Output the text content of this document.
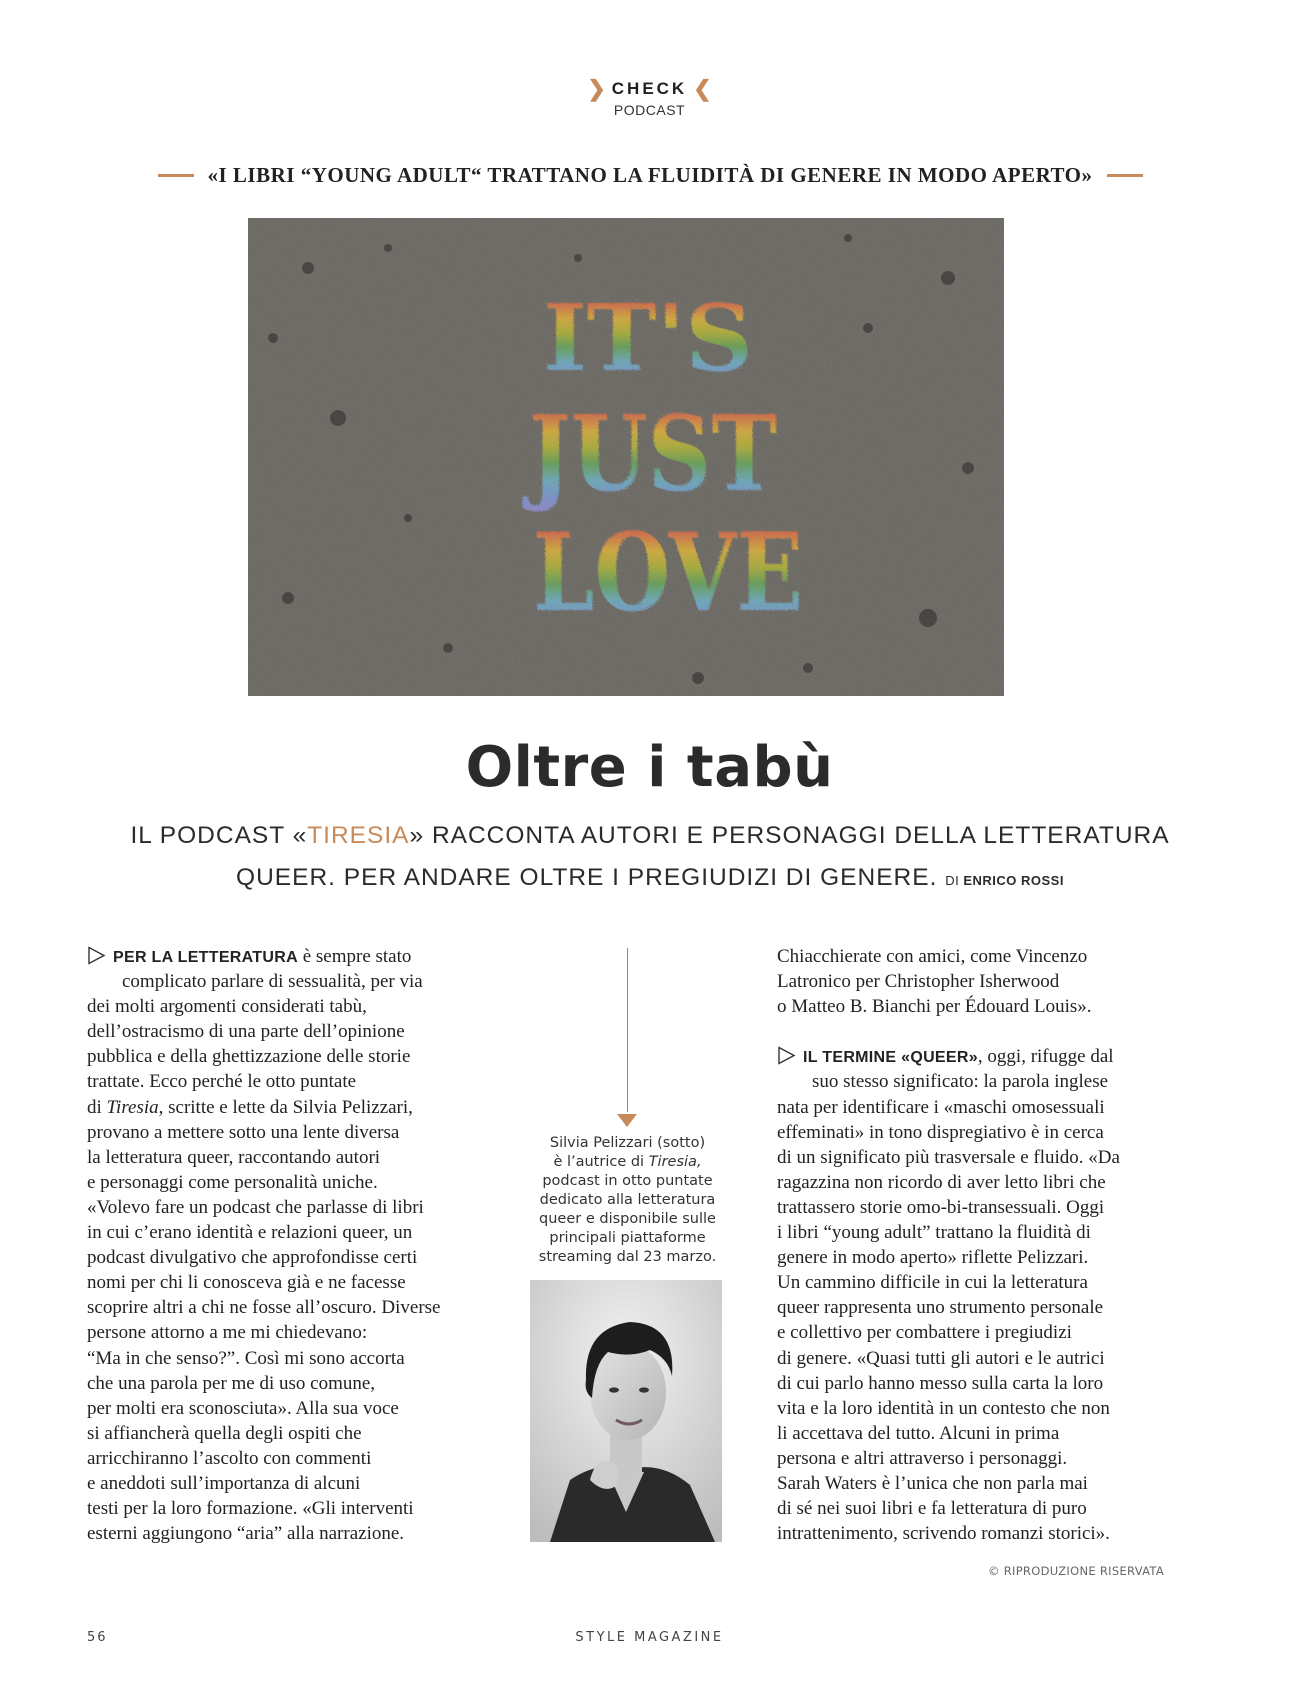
❯ CHECK ❮
PODCAST
«I LIBRI “YOUNG ADULT“ TRATTANO LA FLUIDITÀ DI GENERE IN MODO APERTO»
IT'S
JUST
LOVE
Oltre i tabù
IL PODCAST «TIRESIA» RACCONTA AUTORI E PERSONAGGI DELLA LETTERATURA
QUEER. PER ANDARE OLTRE I PREGIUDIZI DI GENERE. DI ENRICO ROSSI
PER LA LETTERATURA è sempre stato
complicato parlare di sessualità, per via
dei molti argomenti considerati tabù,
dell’ostracismo di una parte dell’opinione
pubblica e della ghettizzazione delle storie
trattate. Ecco perché le otto puntate
di Tiresia, scritte e lette da Silvia Pelizzari,
provano a mettere sotto una lente diversa
la letteratura queer, raccontando autori
e personaggi come personalità uniche.
«Volevo fare un podcast che parlasse di libri
in cui c’erano identità e relazioni queer, un
podcast divulgativo che approfondisse certi
nomi per chi li conosceva già e ne facesse
scoprire altri a chi ne fosse all’oscuro. Diverse
persone attorno a me mi chiedevano:
“Ma in che senso?”. Così mi sono accorta
che una parola per me di uso comune,
per molti era sconosciuta». Alla sua voce
si affiancherà quella degli ospiti che
arricchiranno l’ascolto con commenti
e aneddoti sull’importanza di alcuni
testi per la loro formazione. «Gli interventi
esterni aggiungono “aria” alla narrazione.
Silvia Pelizzari (sotto)
è l’autrice di Tiresia,
podcast in otto puntate
dedicato alla letteratura
queer e disponibile sulle
principali piattaforme
streaming dal 23 marzo.
Chiacchierate con amici, come Vincenzo
Latronico per Christopher Isherwood
o Matteo B. Bianchi per Édouard Louis».
IL TERMINE «QUEER», oggi, rifugge dal
suo stesso significato: la parola inglese
nata per identificare i «maschi omosessuali
effeminati» in tono dispregiativo è in cerca
di un significato più trasversale e fluido. «Da
ragazzina non ricordo di aver letto libri che
trattassero storie omo-bi-transessuali. Oggi
i libri “young adult” trattano la fluidità di
genere in modo aperto» riflette Pelizzari.
Un cammino difficile in cui la letteratura
queer rappresenta uno strumento personale
e collettivo per combattere i pregiudizi
di genere. «Quasi tutti gli autori e le autrici
di cui parlo hanno messo sulla carta la loro
vita e la loro identità in un contesto che non
li accettava del tutto. Alcuni in prima
persona e altri attraverso i personaggi.
Sarah Waters è l’unica che non parla mai
di sé nei suoi libri e fa letteratura di puro
intrattenimento, scrivendo romanzi storici».
© RIPRODUZIONE RISERVATA
56	STYLE MAGAZINE
